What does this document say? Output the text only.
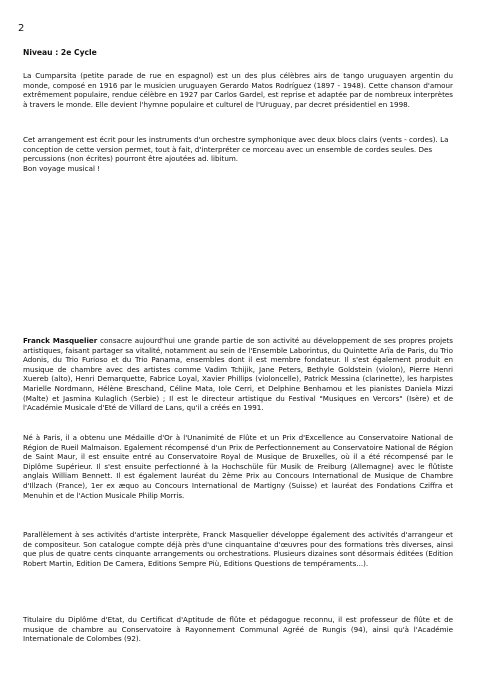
2
Niveau : 2e Cycle

La Cumparsita (petite parade de rue en espagnol) est un des plus célèbres airs de tango uruguayen argentin du monde, composé en 1916 par le musicien uruguayen Gerardo Matos Rodríguez (1897 - 1948). Cette chanson d'amour extrêmement populaire, rendue célèbre en 1927 par Carlos Gardel, est reprise et adaptée par de nombreux interprètes à travers le monde. Elle devient l'hymne populaire et culturel de l'Uruguay, par decret présidentiel en 1998.

Cet arrangement est écrit pour les instruments d'un orchestre symphonique avec deux blocs clairs (vents - cordes). La conception de cette version permet, tout à fait, d'interpréter ce morceau avec un ensemble de cordes seules. Des percussions (non écrites) pourront être ajoutées ad. libitum.
Bon voyage musical !

Franck Masquelier consacre aujourd'hui une grande partie de son activité au développement de ses propres projets artistiques, faisant partager sa vitalité, notamment au sein de l'Ensemble Laborintus, du Quintette Arïa de Paris, du Trio Adonis, du Trio Furioso et du Trio Panama, ensembles dont il est membre fondateur. Il s'est également produit en musique de chambre avec des artistes comme Vadim Tchijik, Jane Peters, Bethyle Goldstein (violon), Pierre Henri Xuereb (alto), Henri Demarquette, Fabrice Loyal, Xavier Phillips (violoncelle), Patrick Messina (clarinette), les harpistes Marielle Nordmann, Hélène Breschand, Céline Mata, Iole Cerri, et Delphine Benhamou et les pianistes Daniela Mizzi (Malte) et Jasmina Kulaglich (Serbie) ; Il est le directeur artistique du Festival "Musiques en Vercors" (Isère) et de l'Académie Musicale d'Eté de Villard de Lans, qu'il a créés en 1991.

Né à Paris, il a obtenu une Médaille d'Or à l'Unanimité de Flûte et un Prix d'Excellence au Conservatoire National de Région de Rueil Malmaison. Egalement récompensé d'un Prix de Perfectionnement au Conservatoire National de Région de Saint Maur, il est ensuite entré au Conservatoire Royal de Musique de Bruxelles, où il a été récompensé par le Diplôme Supérieur. Il s'est ensuite perfectionné à la Hochschüle für Musik de Freiburg (Allemagne) avec le flûtiste anglais William Bennett. Il est également lauréat du 2ème Prix au Concours International de Musique de Chambre d'Illzach (France), 1er ex æquo au Concours International de Martigny (Suisse) et lauréat des Fondations Cziffra et Menuhin et de l'Action Musicale Philip Morris.

Parallèlement à ses activités d'artiste interprète, Franck Masquelier développe également des activités d'arrangeur et de compositeur. Son catalogue compte déjà près d'une cinquantaine d'œuvres pour des formations très diverses, ainsi que plus de quatre cents cinquante arrangements ou orchestrations. Plusieurs dizaines sont désormais éditées (Edition Robert Martin, Edition De Camera, Editions Sempre Più, Editions Questions de tempéraments...).

Titulaire du Diplôme d'Etat, du Certificat d'Aptitude de flûte et pédagogue reconnu, il est professeur de flûte et de musique de chambre au Conservatoire à Rayonnement Communal Agréé de Rungis (94), ainsi qu'à l'Académie Internationale de Colombes (92).
